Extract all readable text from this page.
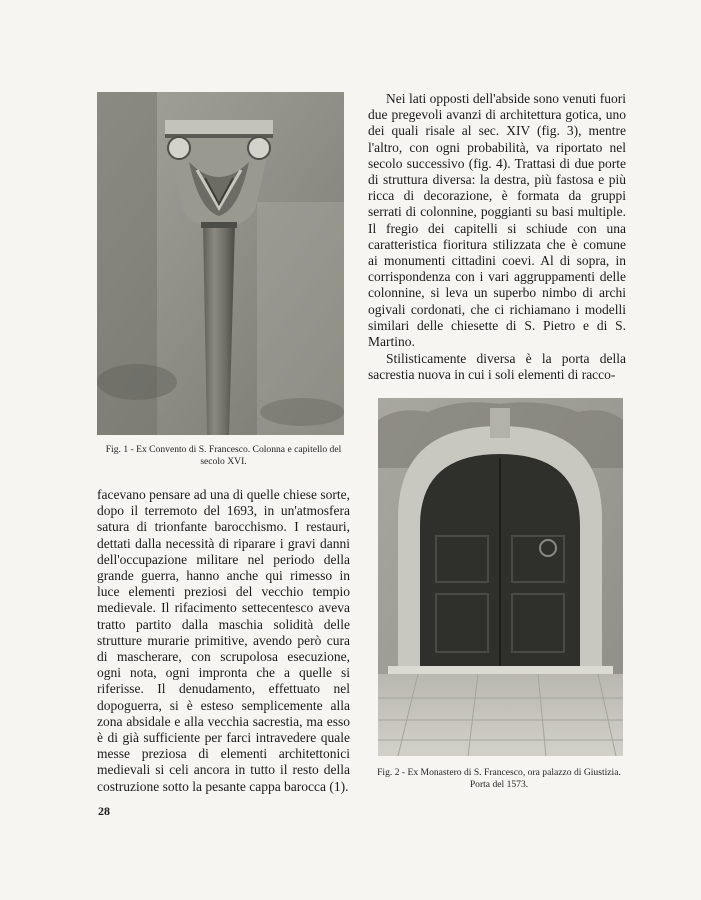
Fig. 1 - Ex Convento di S. Francesco. Colonna e capitello del
secolo XVI.

facevano pensare ad una di quelle chiese sorte, dopo il terremoto del 1693, in un'atmosfera satura di trionfante barocchismo. I restauri, dettati dalla necessità di riparare i gravi danni dell'occupazione militare nel periodo della grande guerra, hanno anche qui rimesso in luce elementi preziosi del vecchio tempio medievale. Il rifacimento settecentesco aveva tratto partito dalla maschia solidità delle strutture murarie primitive, avendo però cura di mascherare, con scrupolosa esecuzione, ogni nota, ogni impronta che a quelle si riferisse. Il denudamento, effettuato nel dopoguerra, si è esteso semplicemente alla zona absidale e alla vecchia sacrestia, ma esso è di già sufficiente per farci intravedere quale messe preziosa di elementi architettonici medievali si celi ancora in tutto il resto della costruzione sotto la pesante cappa barocca (1).

Nei lati opposti dell'abside sono venuti fuori due pregevoli avanzi di architettura gotica, uno dei quali risale al sec. XIV (fig. 3), mentre l'altro, con ogni probabilità, va riportato nel secolo successivo (fig. 4). Trattasi di due porte di struttura diversa: la destra, più fastosa e più ricca di decorazione, è formata da gruppi serrati di colonnine, poggianti su basi multiple. Il fregio dei capitelli si schiude con una caratteristica fioritura stilizzata che è comune ai monumenti cittadini coevi. Al di sopra, in corrispondenza con i vari aggruppamenti delle colonnine, si leva un superbo nimbo di archi ogivali cordonati, che ci richiamano i modelli similari delle chiesette di S. Pietro e di S. Martino.

Stilisticamente diversa è la porta della sacrestia nuova in cui i soli elementi di racco-

Fig. 2 - Ex Monastero di S. Francesco, ora palazzo di Giustizia.
Porta del 1573.
28
